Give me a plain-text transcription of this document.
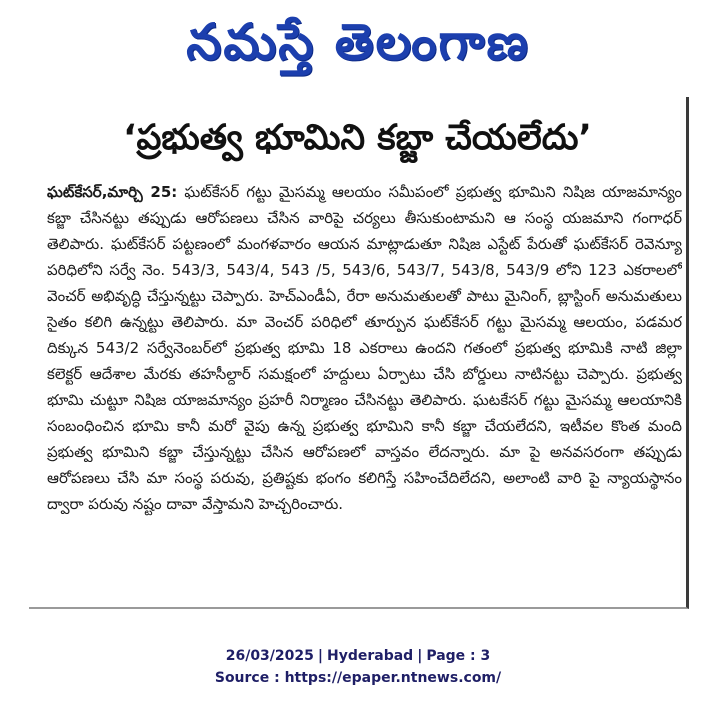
నమస్తే తెలంగాణ
‘ప్రభుత్వ భూమిని కబ్జా చేయలేదు’
ఘట్‌కేసర్,మార్చి 25: ఘట్‌కేసర్ గట్టు మైసమ్మ ఆలయం సమీపంలో ప్రభుత్వ భూమిని నిషిజ యాజమాన్యం కబ్జా చేసినట్టు తప్పుడు ఆరోపణలు చేసిన వారిపై చర్యలు తీసుకుంటామని ఆ సంస్థ యజమాని గంగాధర్ తెలిపారు. ఘట్‌కేసర్ పట్టణంలో మంగళవారం ఆయన మాట్లాడుతూ నిషిజ ఎస్టేట్ పేరుతో ఘట్‌కేసర్ రెవెన్యూ పరిధిలోని సర్వే నెం. 543/3, 543/4, 543 /5, 543/6, 543/7, 543/8, 543/9 లోని 123 ఎకరాలలో వెంచర్ అభివృద్ధి చేస్తున్నట్టు చెప్పారు. హెచ్‌ఎండీఏ, రేరా అనుమతులతో పాటు మైనింగ్, బ్లాస్టింగ్ అనుమతులు సైతం కలిగి ఉన్నట్టు తెలిపారు. మా వెంచర్ పరిధిలో తూర్పున ఘట్‌కేసర్ గట్టు మైసమ్మ ఆలయం, పడమర దిక్కున 543/2 సర్వేనెంబర్‌లో ప్రభుత్వ భూమి 18 ఎకరాలు ఉందని గతంలో ప్రభుత్వ భూమికి నాటి జిల్లా కలెక్టర్ ఆదేశాల మేరకు తహసీల్దార్ సమక్షంలో హద్దులు ఏర్పాటు చేసి బోర్డులు నాటినట్టు చెప్పారు. ప్రభుత్వ భూమి చుట్టూ నిషిజ యాజమాన్యం ప్రహరీ నిర్మాణం చేసినట్టు తెలిపారు. ఘటకేసర్ గట్టు మైసమ్మ ఆలయానికి సంబంధించిన భూమి కానీ మరో వైపు ఉన్న ప్రభుత్వ భూమిని కానీ కబ్జా చేయలేదని, ఇటీవల కొంత మంది ప్రభుత్వ భూమిని కబ్జా చేస్తున్నట్టు చేసిన ఆరోపణలో వాస్తవం లేదన్నారు. మా పై అనవసరంగా తప్పుడు ఆరోపణలు చేసి మా సంస్థ పరువు, ప్రతిష్టకు భంగం కలిగిస్తే సహించేదిలేదని, అలాంటి వారి పై న్యాయస్థానం ద్వారా పరువు నష్టం దావా వేస్తామని హెచ్చరించారు.
26/03/2025 | Hyderabad | Page : 3
Source : https://epaper.ntnews.com/
